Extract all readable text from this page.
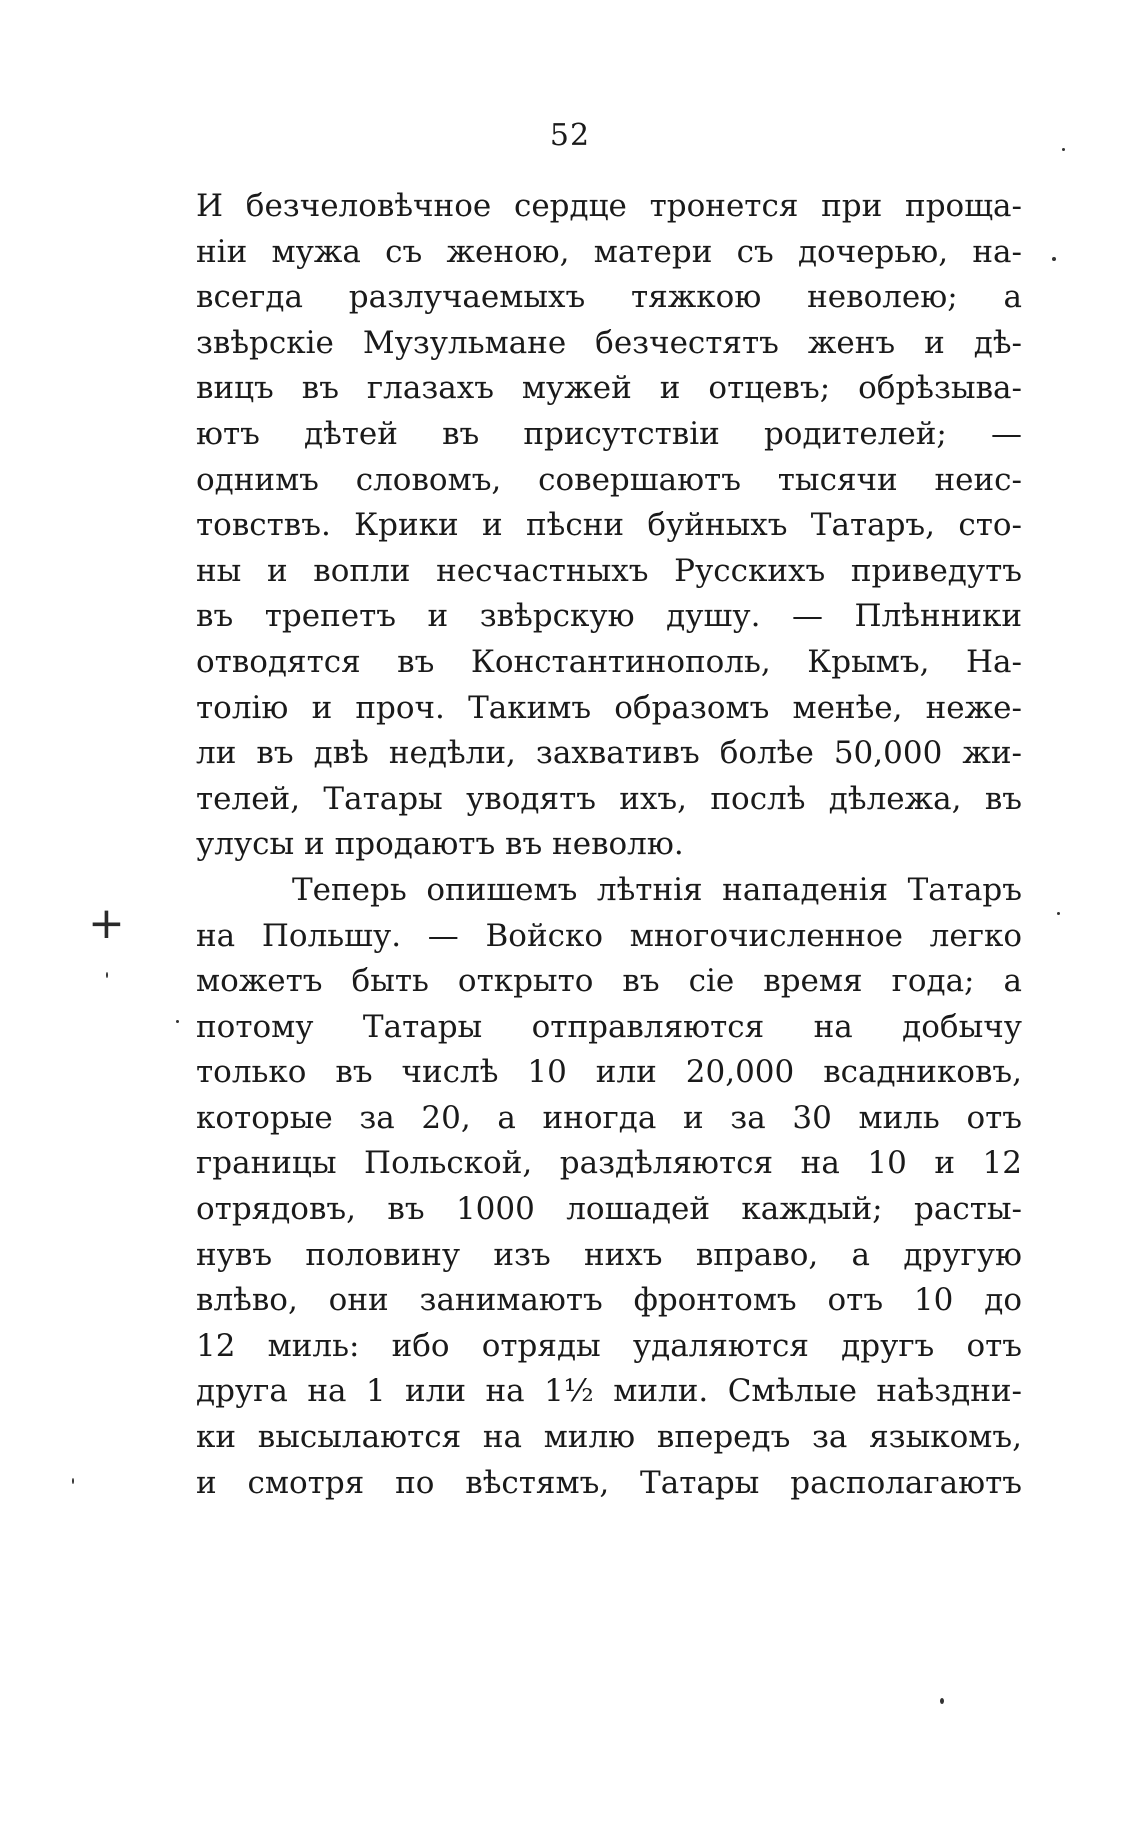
52
И безчеловѣчное сердце тронется при проща-
ніи мужа съ женою, матери съ дочерью, на-
всегда разлучаемыхъ тяжкою неволею; а
звѣрскіе Музульмане безчестятъ женъ и дѣ-
вицъ въ глазахъ мужей и отцевъ; обрѣзыва-
ютъ дѣтей въ присутствіи родителей; —
однимъ словомъ, совершаютъ тысячи неис-
товствъ. Крики и пѣсни буйныхъ Татаръ, сто-
ны и вопли несчастныхъ Русскихъ приведутъ
въ трепетъ и звѣрскую душу. — Плѣнники
отводятся въ Константинополь, Крымъ, На-
толію и проч. Такимъ образомъ менѣе, неже-
ли въ двѣ недѣли, захвативъ болѣе 50,000 жи-
телей, Татары уводятъ ихъ, послѣ дѣлежа, въ
улусы и продаютъ въ неволю.
Теперь опишемъ лѣтнія нападенія Татаръ
на Польшу. — Войско многочисленное легко
можетъ быть открыто въ сіе время года; а
потому Татары отправляются на добычу
только въ числѣ 10 или 20,000 всадниковъ,
которые за 20, а иногда и за 30 миль отъ
границы Польской, раздѣляются на 10 и 12
отрядовъ, въ 1000 лошадей каждый; расты-
нувъ половину изъ нихъ вправо, а другую
влѣво, они занимаютъ фронтомъ отъ 10 до
12 миль: ибо отряды удаляются другъ отъ
друга на 1 или на 1½ мили. Смѣлые наѣздни-
ки высылаются на милю впередъ за языкомъ,
и смотря по вѣстямъ, Татары располагаютъ
+
